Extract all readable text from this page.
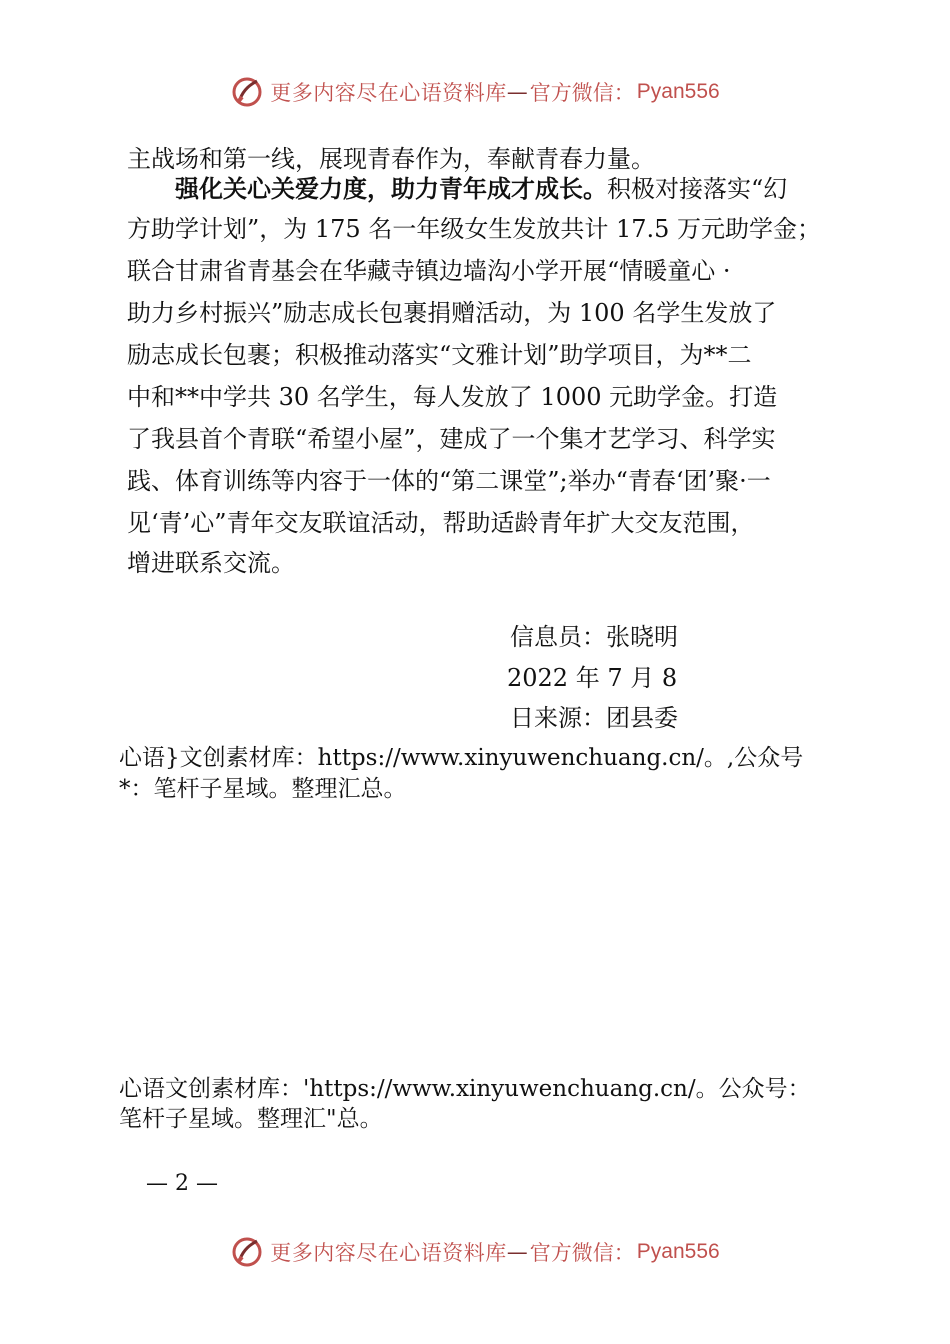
更多内容尽在心语资料库 — 官方微信： Pyan556
主战场和第一线，展现青春作为，奉献青春力量。
强化关心关爱力度，助力青年成才成长。积极对接落实“幻
方助学计划”，为 175 名一年级女生发放共计 17.5 万元助学金；
联合甘肃省青基会在华藏寺镇边墙沟小学开展“情暖童心 ·
助力乡村振兴”励志成长包裹捐赠活动，为 100 名学生发放了
励志成长包裹；积极推动落实“文雅计划”助学项目，为**二
中和**中学共 30 名学生，每人发放了 1000 元助学金。打造
了我县首个青联“希望小屋”，建成了一个集才艺学习、科学实
践、体育训练等内容于一体的“第二课堂”;举办“青春‘团’聚·一
见‘青’心”青年交友联谊活动，帮助适龄青年扩大交友范围，
增进联系交流。
信息员：张晓明
2022 年 7 月 8
日来源：团县委
心语}文创素材库：https://www.xinyuwenchuang.cn/。,公众号
*：笔杆子星域。整理汇总。
心语文创素材库：'https://www.xinyuwenchuang.cn/。公众号：
笔杆子星域。整理汇"总。
— 2 —
更多内容尽在心语资料库 — 官方微信： Pyan556
